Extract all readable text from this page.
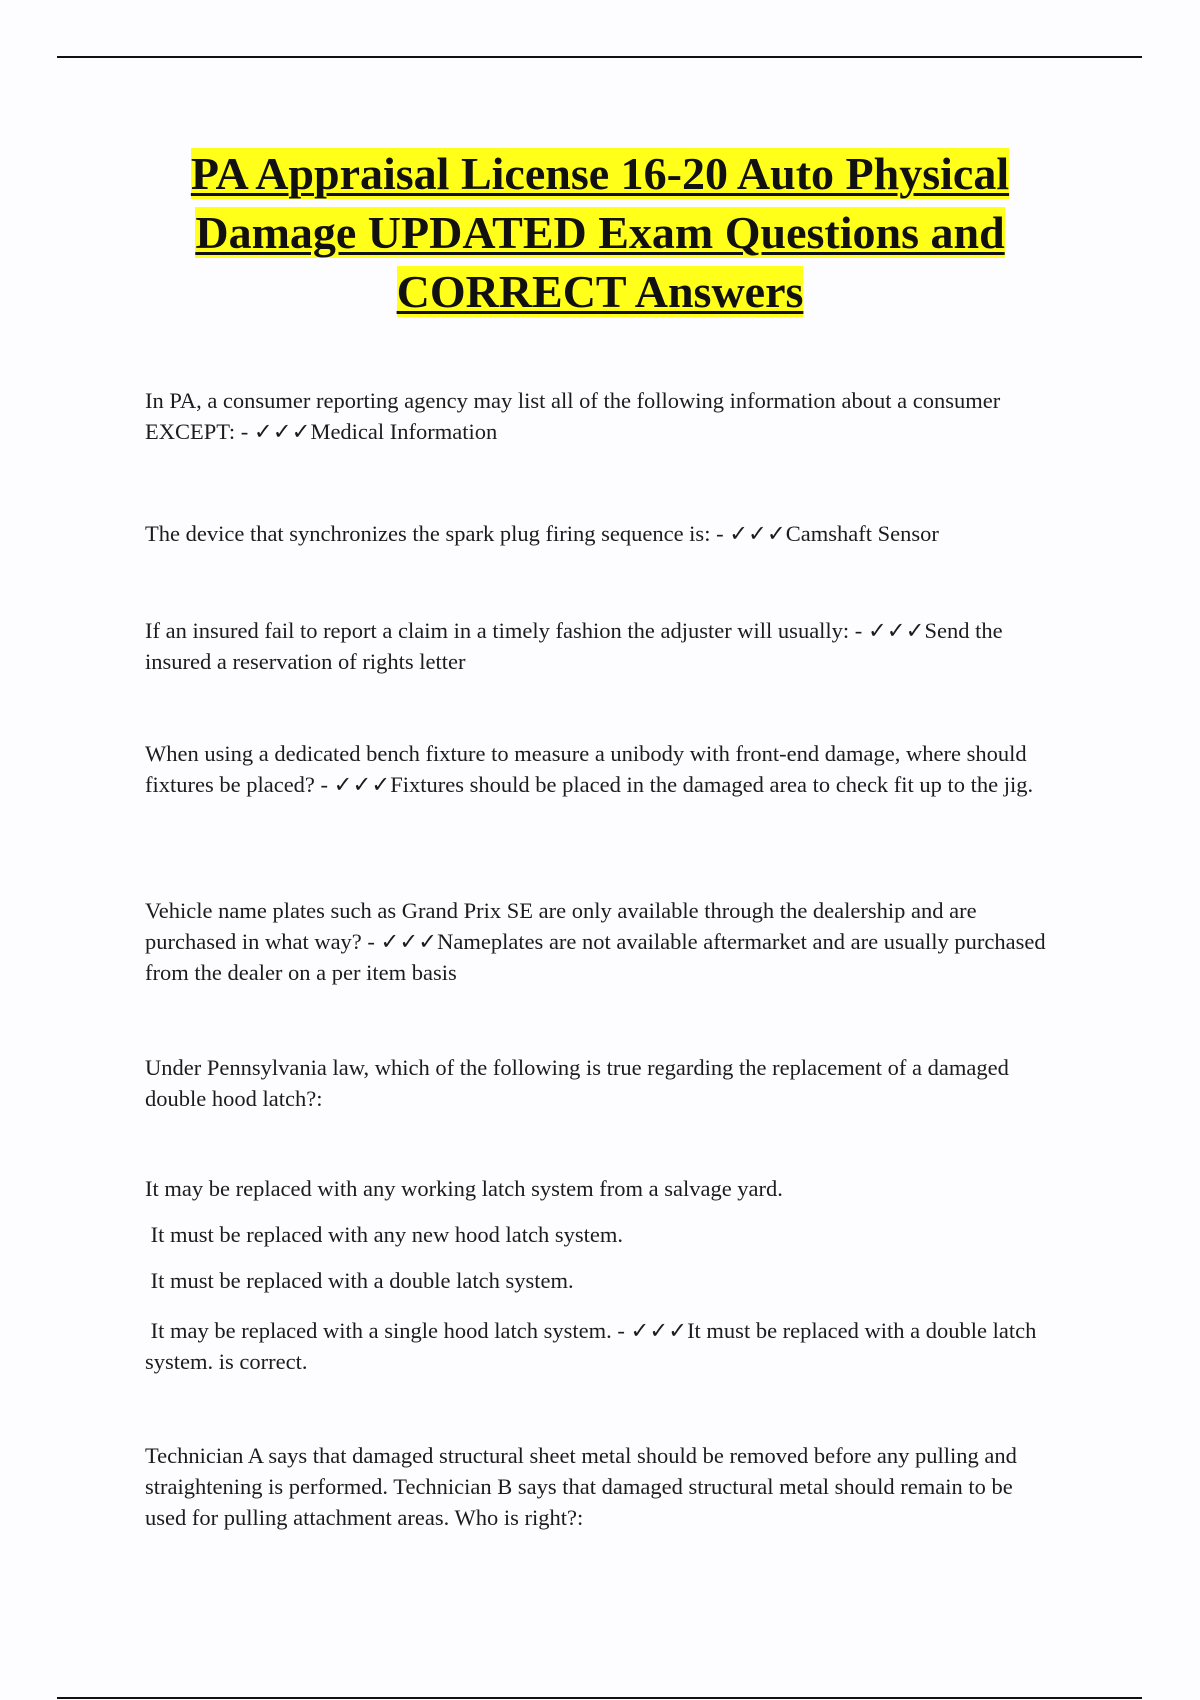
PA Appraisal License 16-20 Auto Physical
Damage UPDATED Exam Questions and
CORRECT Answers

In PA, a consumer reporting agency may list all of the following information about a consumer EXCEPT: - ✓✓✓Medical Information

The device that synchronizes the spark plug firing sequence is: - ✓✓✓Camshaft Sensor

If an insured fail to report a claim in a timely fashion the adjuster will usually: - ✓✓✓Send the insured a reservation of rights letter

When using a dedicated bench fixture to measure a unibody with front-end damage, where should fixtures be placed? - ✓✓✓Fixtures should be placed in the damaged area to check fit up to the jig.

Vehicle name plates such as Grand Prix SE are only available through the dealership and are purchased in what way? - ✓✓✓Nameplates are not available aftermarket and are usually purchased from the dealer on a per item basis

Under Pennsylvania law, which of the following is true regarding the replacement of a damaged double hood latch?:

It may be replaced with any working latch system from a salvage yard.

It must be replaced with any new hood latch system.

It must be replaced with a double latch system.

It may be replaced with a single hood latch system. - ✓✓✓It must be replaced with a double latch system. is correct.

Technician A says that damaged structural sheet metal should be removed before any pulling and straightening is performed. Technician B says that damaged structural metal should remain to be used for pulling attachment areas. Who is right?:
